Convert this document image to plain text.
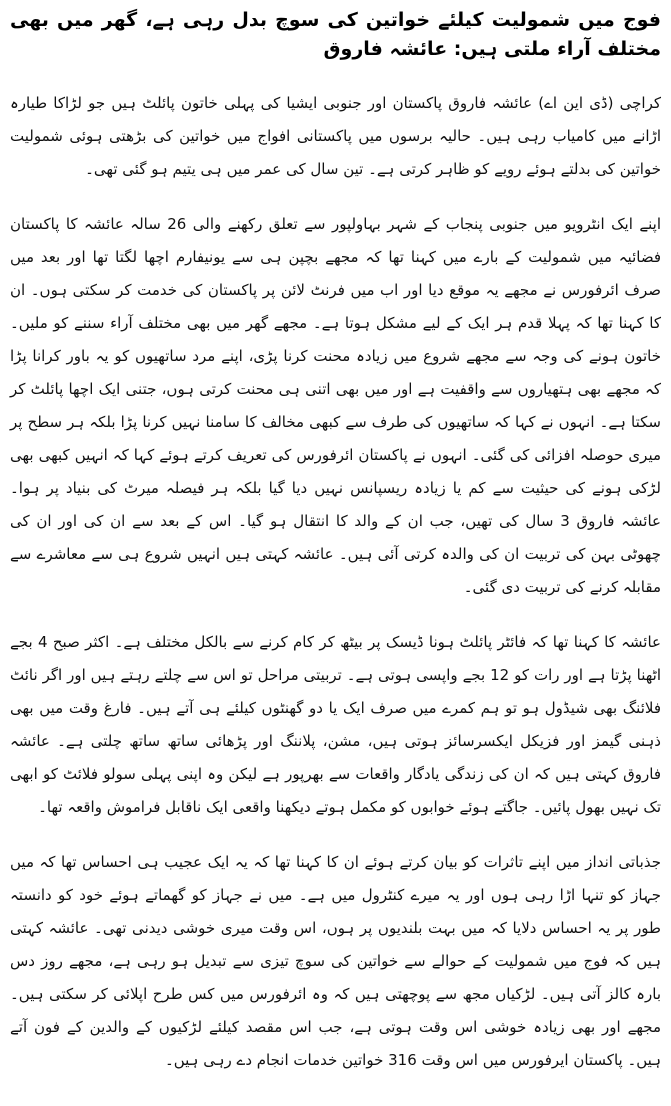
فوج میں شمولیت کیلئے خواتین کی سوچ بدل رہی ہے، گھر میں بھی مختلف آراء ملتی ہیں: عائشہ فاروق

کراچی (ڈی این اے) عائشہ فاروق پاکستان اور جنوبی ایشیا کی پہلی خاتون پائلٹ ہیں جو لڑاکا طیارہ اڑانے میں کامیاب رہی ہیں۔ حالیہ برسوں میں پاکستانی افواج میں خواتین کی بڑھتی ہوئی شمولیت خواتین کی بدلتے ہوئے رویے کو ظاہر کرتی ہے۔ تین سال کی عمر میں ہی یتیم ہو گئی تھی۔

اپنے ایک انٹرویو میں جنوبی پنجاب کے شہر بہاولپور سے تعلق رکھنے والی 26 سالہ عائشہ کا پاکستان فضائیہ میں شمولیت کے بارے میں کہنا تھا کہ مجھے بچپن ہی سے یونیفارم اچھا لگتا تھا اور بعد میں صرف ائرفورس نے مجھے یہ موقع دیا اور اب میں فرنٹ لائن پر پاکستان کی خدمت کر سکتی ہوں۔ ان کا کہنا تھا کہ پہلا قدم ہر ایک کے لیے مشکل ہوتا ہے۔ مجھے گھر میں بھی مختلف آراء سننے کو ملیں۔ خاتون ہونے کی وجہ سے مجھے شروع میں زیادہ محنت کرنا پڑی، اپنے مرد ساتھیوں کو یہ باور کرانا پڑا کہ مجھے بھی ہتھیاروں سے واقفیت ہے اور میں بھی اتنی ہی محنت کرتی ہوں، جتنی ایک اچھا پائلٹ کر سکتا ہے۔ انہوں نے کہا کہ ساتھیوں کی طرف سے کبھی مخالف کا سامنا نہیں کرنا پڑا بلکہ ہر سطح پر میری حوصلہ افزائی کی گئی۔ انہوں نے پاکستان ائرفورس کی تعریف کرتے ہوئے کہا کہ انہیں کبھی بھی لڑکی ہونے کی حیثیت سے کم یا زیادہ ریسپانس نہیں دیا گیا بلکہ ہر فیصلہ میرٹ کی بنیاد پر ہوا۔ عائشہ فاروق 3 سال کی تھیں، جب ان کے والد کا انتقال ہو گیا۔ اس کے بعد سے ان کی اور ان کی چھوٹی بہن کی تربیت ان کی والدہ کرتی آئی ہیں۔ عائشہ کہتی ہیں انہیں شروع ہی سے معاشرے سے مقابلہ کرنے کی تربیت دی گئی۔

عائشہ کا کہنا تھا کہ فائٹر پائلٹ ہونا ڈیسک پر بیٹھ کر کام کرنے سے بالکل مختلف ہے۔ اکثر صبح 4 بجے اٹھنا پڑتا ہے اور رات کو 12 بجے واپسی ہوتی ہے۔ تربیتی مراحل تو اس سے چلتے رہتے ہیں اور اگر نائٹ فلائنگ بھی شیڈول ہو تو ہم کمرے میں صرف ایک یا دو گھنٹوں کیلئے ہی آتے ہیں۔ فارغ وقت میں بھی ذہنی گیمز اور فزیکل ایکسرسائز ہوتی ہیں، مشن، پلاننگ اور پڑھائی ساتھ ساتھ چلتی ہے۔ عائشہ فاروق کہتی ہیں کہ ان کی زندگی یادگار واقعات سے بھرپور ہے لیکن وہ اپنی پہلی سولو فلائٹ کو ابھی تک نہیں بھول پائیں۔ جاگتے ہوئے خوابوں کو مکمل ہوتے دیکھنا واقعی ایک ناقابل فراموش واقعہ تھا۔

جذباتی انداز میں اپنے تاثرات کو بیان کرتے ہوئے ان کا کہنا تھا کہ یہ ایک عجیب ہی احساس تھا کہ میں جہاز کو تنہا اڑا رہی ہوں اور یہ میرے کنٹرول میں ہے۔ میں نے جہاز کو گھماتے ہوئے خود کو دانستہ طور پر یہ احساس دلایا کہ میں بہت بلندیوں پر ہوں، اس وقت میری خوشی دیدنی تھی۔ عائشہ کہتی ہیں کہ فوج میں شمولیت کے حوالے سے خواتین کی سوچ تیزی سے تبدیل ہو رہی ہے، مجھے روز دس بارہ کالز آتی ہیں۔ لڑکیاں مجھ سے پوچھتی ہیں کہ وہ ائرفورس میں کس طرح اپلائی کر سکتی ہیں۔ مجھے اور بھی زیادہ خوشی اس وقت ہوتی ہے، جب اس مقصد کیلئے لڑکیوں کے والدین کے فون آتے ہیں۔ پاکستان ایرفورس میں اس وقت 316 خواتین خدمات انجام دے رہی ہیں۔
